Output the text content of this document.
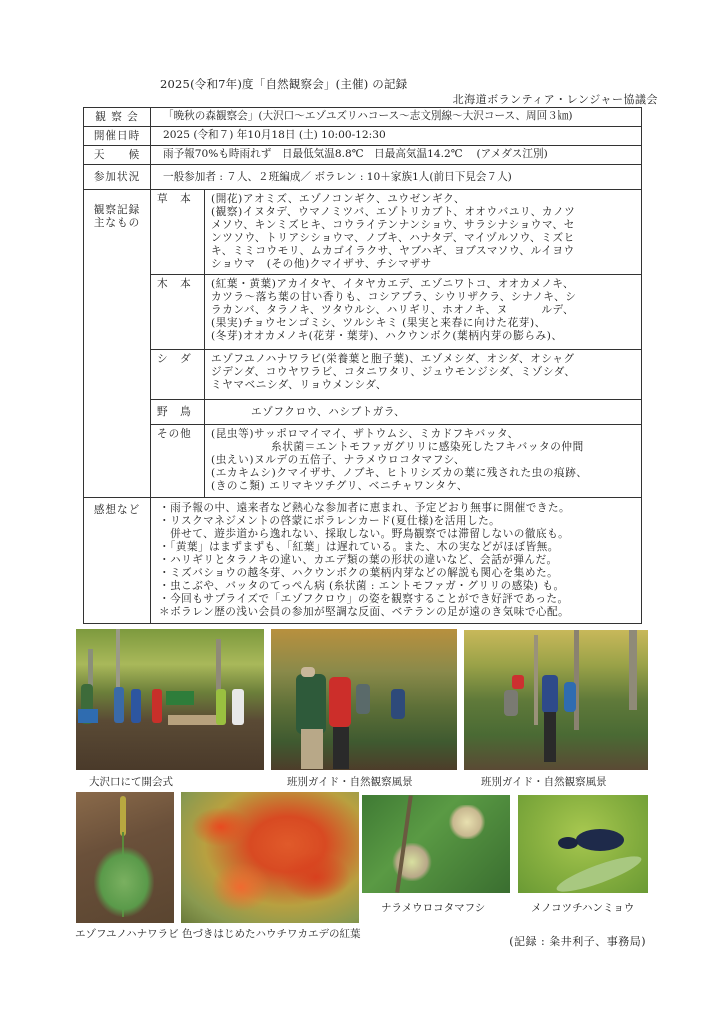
2025(令和7年)度「自然観察会」(主催) の記録
北海道ボランティア・レンジャー協議会
観 察 会	「晩秋の森観察会」(大沢口～エゾユズリハコース～志文別線～大沢コース、周回３㎞)
開催日時	2025 (令和７) 年10月18日 (土) 10:00-12:30
天　　候	雨予報70%も時雨れず　日最低気温8.8℃　日最高気温14.2℃　 (アメダス江別)
参加状況	一般参加者 : ７人、２班編成／ ボラレン : 10＋家族1人(前日下見会７人)

観察記録
主なもの

草　本	(開花)アオミズ、エゾノコンギク、ユウゼンギク、
(観察)イヌタデ、ウマノミツバ、エゾトリカブト、オオウバユリ、カノツ
メソウ、キンミズヒキ、コウライテンナンショウ、サラシナショウマ、セ
ンツソウ、トリアシショウマ、ノブキ、ハナタデ、マイヅルソウ、ミズヒ
キ、ミミコウモリ、ムカゴイラクサ、ヤブハギ、ヨブスマソウ、ルイヨウ
ショウマ　(その他)クマイザサ、チシマザサ

木　本	(紅葉・黄葉)アカイタヤ、イタヤカエデ、エゾニワトコ、オオカメノキ、
カツラ～落ち葉の甘い香りも、コシアブラ、シウリザクラ、シナノキ、シ
ラカンバ、タラノキ、ツタウルシ、ハリギリ、ホオノキ、ヌ　　　ルデ、
(果実)チョウセンゴミシ、ツルシキミ (果実と来春に向けた花芽)、
(冬芽)オオカメノキ(花芽・葉芽)、ハクウンボク(葉柄内芽の膨らみ)、

シ　ダ	エゾフユノハナワラビ(栄養葉と胞子葉)、エゾメシダ、オシダ、オシャグ
ジデンダ、コウヤワラビ、コタニワタリ、ジュウモンジシダ、ミゾシダ、
ミヤマベニシダ、リョウメンシダ、

野　鳥	エゾフクロウ、ハシブトガラ、

その他	(昆虫等)サッポロマイマイ、ザトウムシ、ミカドフキバッタ、
糸状菌＝エントモファガグリリに感染死したフキバッタの仲間
(虫えい)ヌルデの五倍子、ナラメウロコタマフシ、
(エカキムシ)クマイザサ、ノブキ、ヒトリシズカの葉に残された虫の痕跡、
(きのこ類) エリマキツチグリ、ベニチャワンタケ、

感想など	・雨予報の中、遠来者など熱心な参加者に恵まれ、予定どおり無事に開催できた。
・リスクマネジメントの啓蒙にボラレンカード(夏仕様)を活用した。
　併せて、遊歩道から逸れない、採取しない。野鳥観察では滞留しないの徹底も。
・「黄葉」はまずまずも、「紅葉」は遅れている。また、木の実などがほぼ皆無。
・ハリギリとタラノキの違い、カエデ類の葉の形状の違いなど、会話が弾んだ。
・ミズバショウの越冬芽、ハクウンボクの葉柄内芽などの解説も関心を集めた。
・虫こぶや、バッタのてっぺん病 (糸状菌 : エントモファガ・グリリの感染) も。
・今回もサプライズで「エゾフクロウ」の姿を観察することができ好評であった。
＊ボラレン歴の浅い会員の参加が堅調な反面、ベテランの足が遠のき気味で心配。
大沢口にて開会式	班別ガイド・自然観察風景	班別ガイド・自然観察風景
ナラメウロコタマフシ	メノコツチハンミョウ
エゾフユノハナワラビ 色づきはじめたハウチワカエデの紅葉
(記録 : 粂井利子、事務局)
